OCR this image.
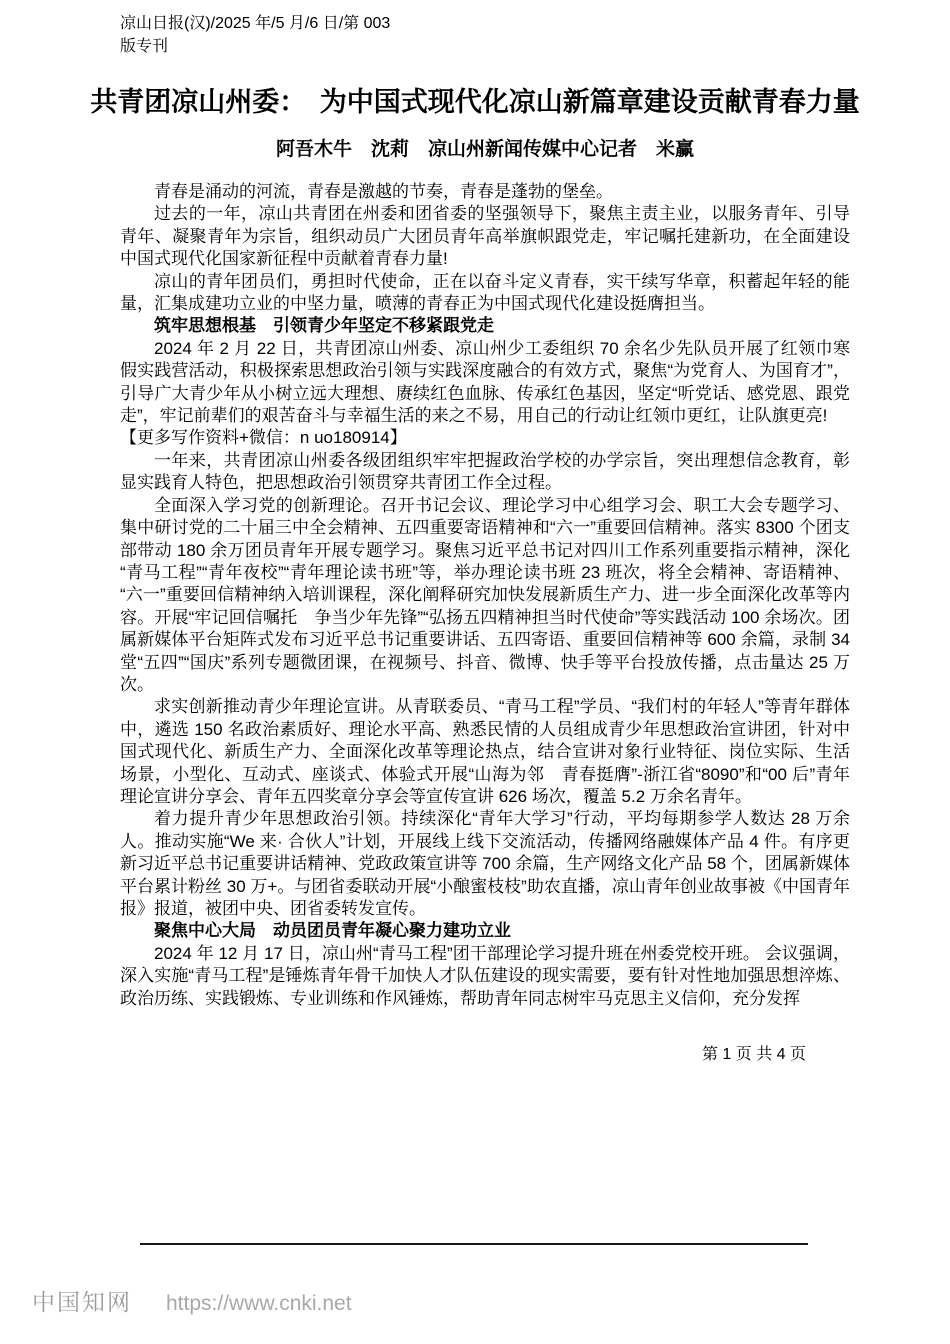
凉山日报(汉)/2025 年/5 月/6 日/第 003
版专刊
共青团凉山州委：　为中国式现代化凉山新篇章建设贡献青春力量
阿吾木牛　沈莉　凉山州新闻传媒中心记者　米赢

青春是涌动的河流，青春是激越的节奏，青春是蓬勃的堡垒。

过去的一年，凉山共青团在州委和团省委的坚强领导下，聚焦主责主业，以服务青年、引导青年、凝聚青年为宗旨，组织动员广大团员青年高举旗帜跟党走，牢记嘱托建新功，在全面建设中国式现代化国家新征程中贡献着青春力量!

凉山的青年团员们，勇担时代使命，正在以奋斗定义青春，实干续写华章，积蓄起年轻的能量，汇集成建功立业的中坚力量，喷薄的青春正为中国式现代化建设挺膺担当。

筑牢思想根基　引领青少年坚定不移紧跟党走

2024 年 2 月 22 日，共青团凉山州委、凉山州少工委组织 70 余名少先队员开展了红领巾寒假实践营活动，积极探索思想政治引领与实践深度融合的有效方式，聚焦“为党育人、为国育才”，引导广大青少年从小树立远大理想、赓续红色血脉、传承红色基因，坚定“听党话、感党恩、跟党走”，牢记前辈们的艰苦奋斗与幸福生活的来之不易，用自己的行动让红领巾更红，让队旗更亮!

【更多写作资料+微信：n uo180914】

一年来，共青团凉山州委各级团组织牢牢把握政治学校的办学宗旨，突出理想信念教育，彰显实践育人特色，把思想政治引领贯穿共青团工作全过程。

全面深入学习党的创新理论。召开书记会议、理论学习中心组学习会、职工大会专题学习、集中研讨党的二十届三中全会精神、五四重要寄语精神和“六一”重要回信精神。落实 8300 个团支部带动 180 余万团员青年开展专题学习。聚焦习近平总书记对四川工作系列重要指示精神，深化“青马工程”“青年夜校”“青年理论读书班”等，举办理论读书班 23 班次，将全会精神、寄语精神、“六一”重要回信精神纳入培训课程，深化阐释研究加快发展新质生产力、进一步全面深化改革等内容。开展“牢记回信嘱托　争当少年先锋”“弘扬五四精神担当时代使命”等实践活动 100 余场次。团属新媒体平台矩阵式发布习近平总书记重要讲话、五四寄语、重要回信精神等 600 余篇，录制 34 堂“五四”“国庆”系列专题微团课，在视频号、抖音、微博、快手等平台投放传播，点击量达 25 万次。

求实创新推动青少年理论宣讲。从青联委员、“青马工程”学员、“我们村的年轻人”等青年群体中，遴选 150 名政治素质好、理论水平高、熟悉民情的人员组成青少年思想政治宣讲团，针对中国式现代化、新质生产力、全面深化改革等理论热点，结合宣讲对象行业特征、岗位实际、生活场景，小型化、互动式、座谈式、体验式开展“山海为邻　青春挺膺”-浙江省“8090”和“00 后”青年理论宣讲分享会、青年五四奖章分享会等宣传宣讲 626 场次，覆盖 5.2 万余名青年。

着力提升青少年思想政治引领。持续深化“青年大学习”行动，平均每期参学人数达 28 万余人。推动实施“We 来· 合伙人”计划，开展线上线下交流活动，传播网络融媒体产品 4 件。有序更新习近平总书记重要讲话精神、党政政策宣讲等 700 余篇，生产网络文化产品 58 个，团属新媒体平台累计粉丝 30 万+。与团省委联动开展“小酿蜜枝枝”助农直播，凉山青年创业故事被《中国青年报》报道，被团中央、团省委转发宣传。

聚焦中心大局　动员团员青年凝心聚力建功立业

2024 年 12 月 17 日，凉山州“青马工程”团干部理论学习提升班在州委党校开班。 会议强调，深入实施“青马工程”是锤炼青年骨干加快人才队伍建设的现实需要，要有针对性地加强思想淬炼、政治历练、实践锻炼、专业训练和作风锤炼，帮助青年同志树牢马克思主义信仰，充分发挥

第 1 页 共 4 页
中国知网 https://www.cnki.net
